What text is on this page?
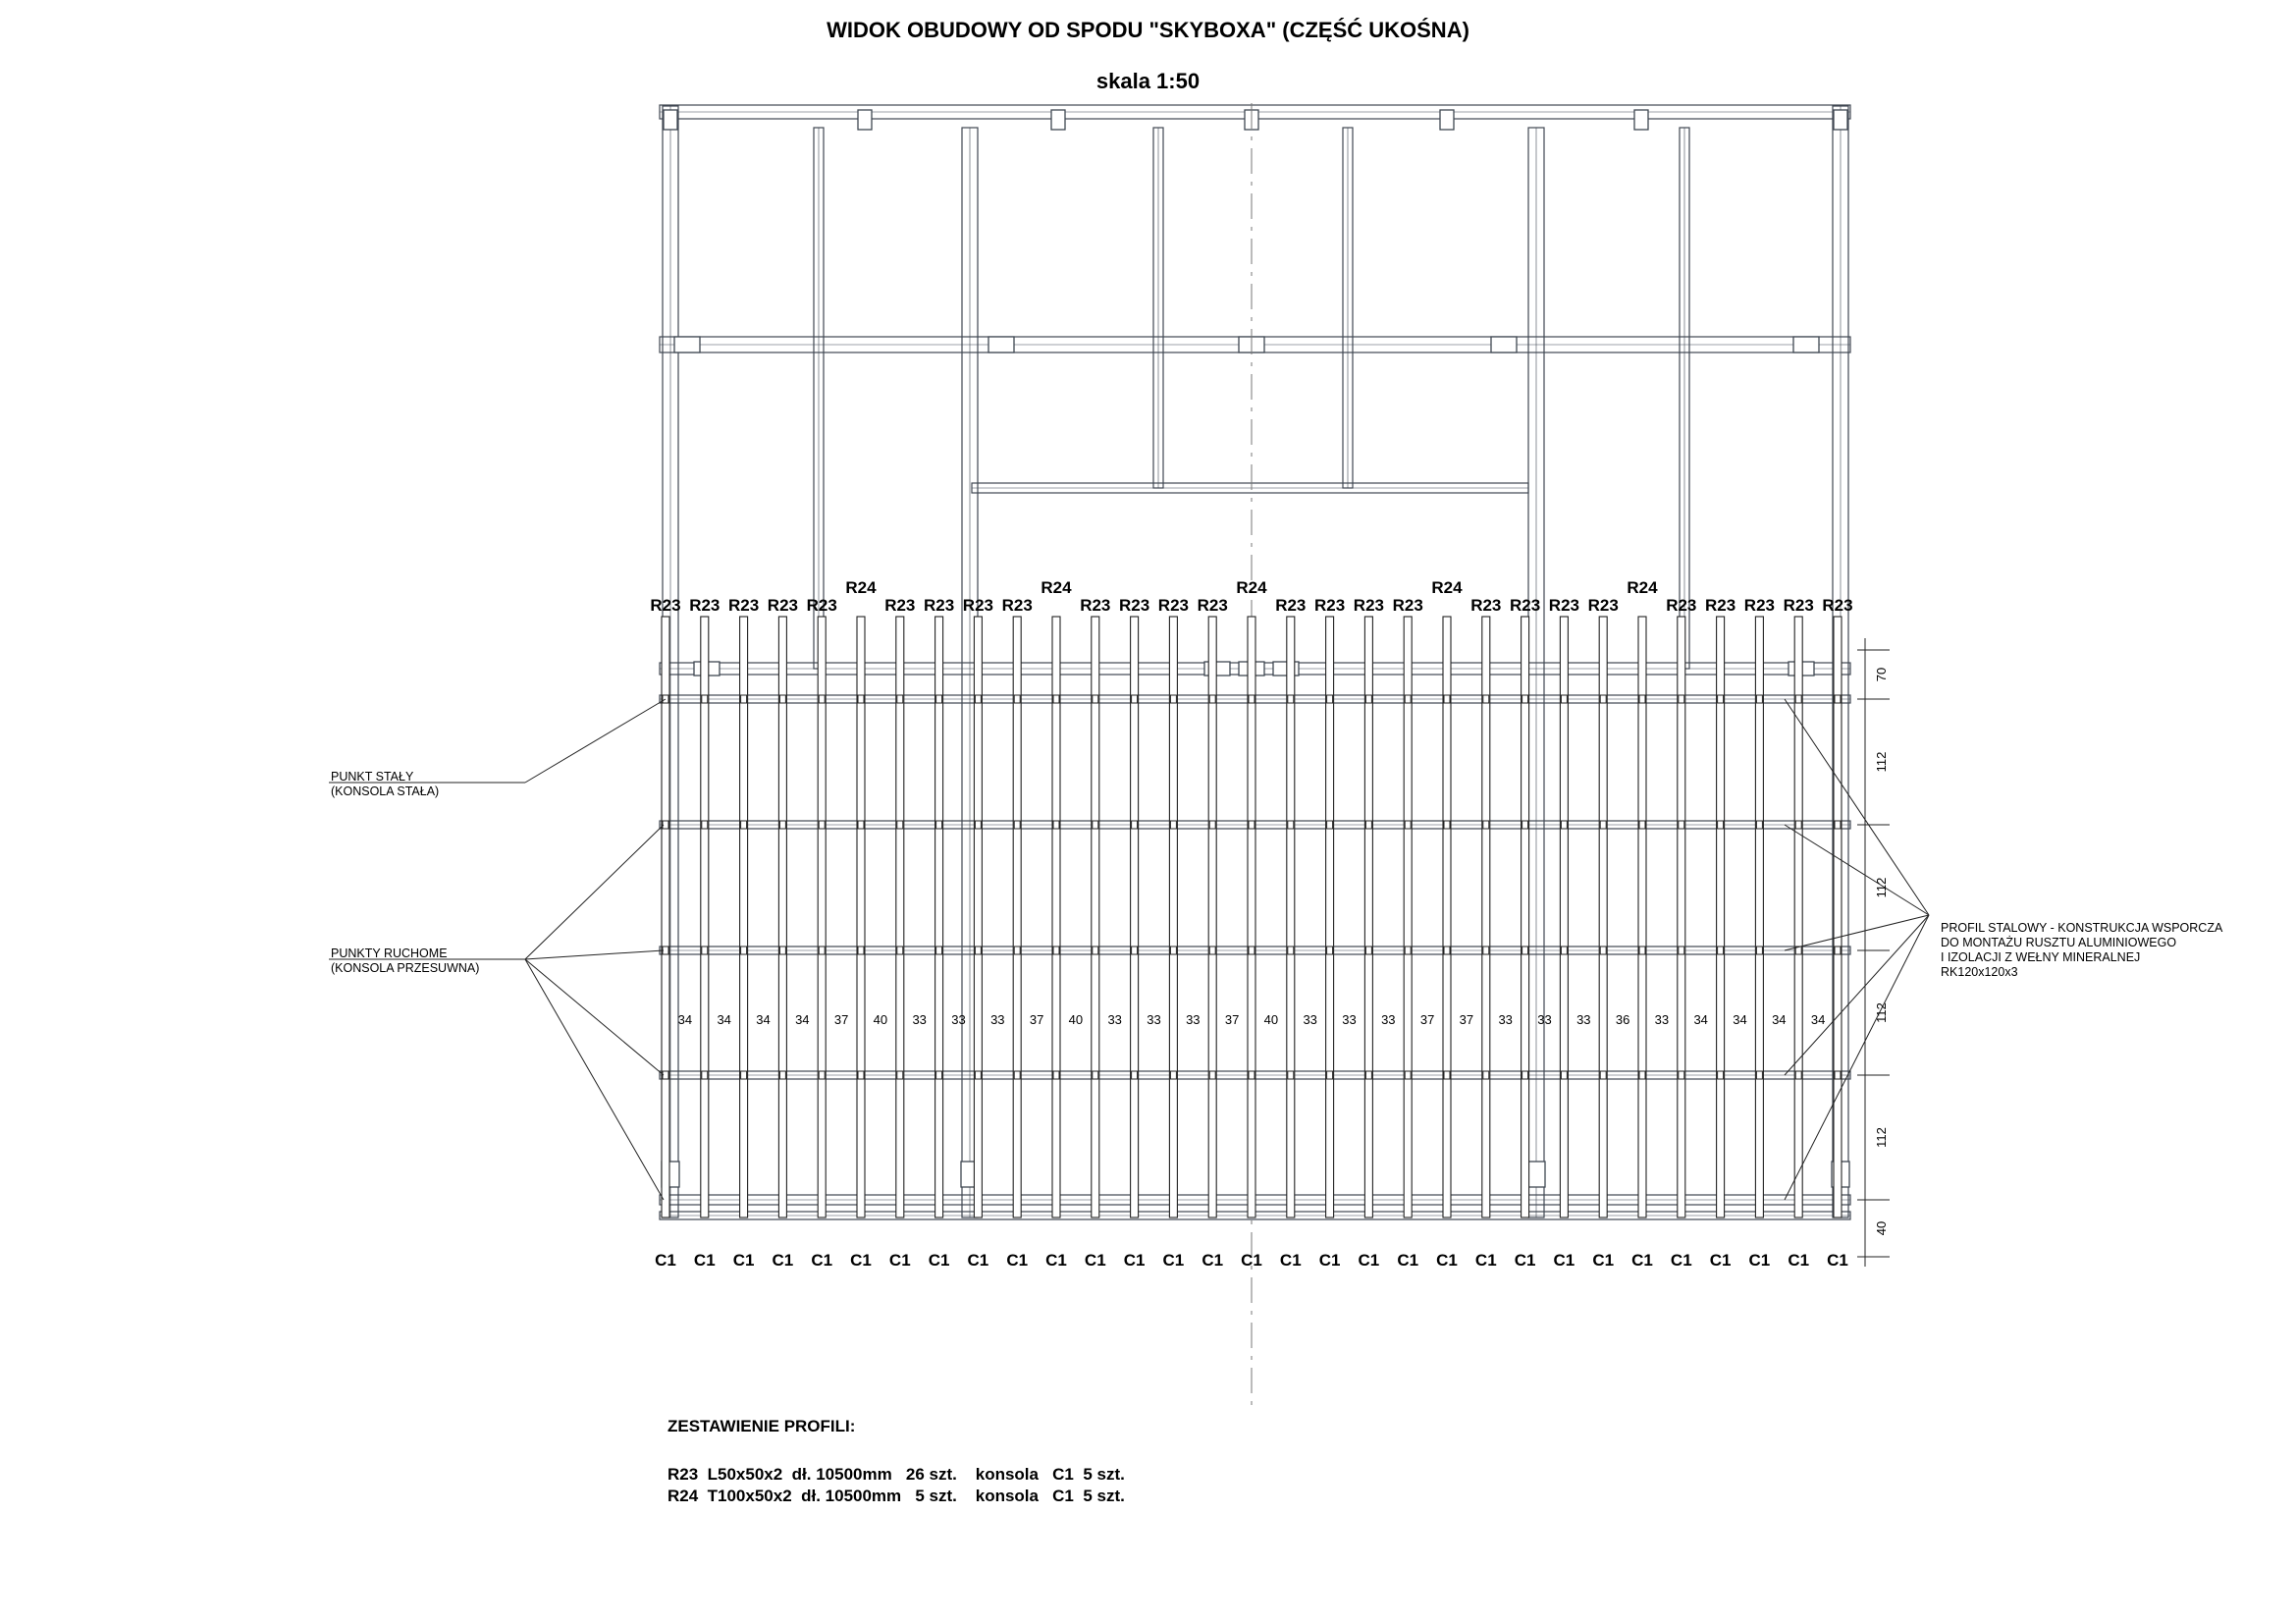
WIDOK OBUDOWY OD SPODU "SKYBOXA" (CZĘŚĆ UKOŚNA)
skala 1:50
R23
C1
R23
C1
R23
C1
R23
C1
R23
C1
R24
C1
R23
C1
R23
C1
R23
C1
R23
C1
R24
C1
R23
C1
R23
C1
R23
C1
R23
C1
R24
C1
R23
C1
R23
C1
R23
C1
R23
C1
R24
C1
R23
C1
R23
C1
R23
C1
R23
C1
R24
C1
R23
C1
R23
C1
R23
C1
R23
C1
R23
C1
34 34 34 34 37 40 33 33 33 37 40 33 33 33 37 40 33 33 33 37 37 33 33 33 36 33 34 34 34 34
70
112
112
112
112
40
PUNKT STAŁY
(KONSOLA STAŁA)
PUNKTY RUCHOME
(KONSOLA PRZESUWNA)
PROFIL STALOWY - KONSTRUKCJA WSPORCZA
DO MONTAŻU RUSZTU ALUMINIOWEGO
I IZOLACJI Z WEŁNY MINERALNEJ
RK120x120x3
ZESTAWIENIE PROFILI:
R23  L50x50x2  dł. 10500mm   26 szt.    konsola   C1  5 szt.
R24  T100x50x2  dł. 10500mm   5 szt.    konsola   C1  5 szt.
